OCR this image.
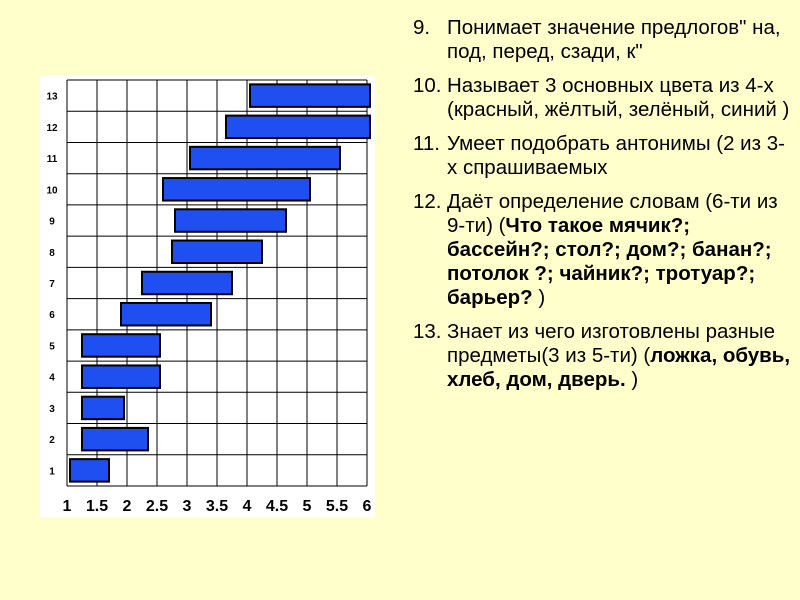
1
2
3
4
5
6
7
8
9
10
11
12
13
1 1.5 2 2.5 3 3.5 4 4.5 5 5.5 6
9. Понимает значение предлогов" на, под, перед, сзади, к"
10. Называет 3 основных цвета из 4-х (красный, жёлтый, зелёный, синий )
11. Умеет подобрать антонимы (2 из 3-х спрашиваемых
12. Даёт определение словам (6-ти из 9-ти) (Что такое мячик?; бассейн?; стол?; дом?; банан?; потолок ?; чайник?; тротуар?; барьер? )
13. Знает из чего изготовлены разные предметы(3 из 5-ти) (ложка, обувь, хлеб, дом, дверь. )
